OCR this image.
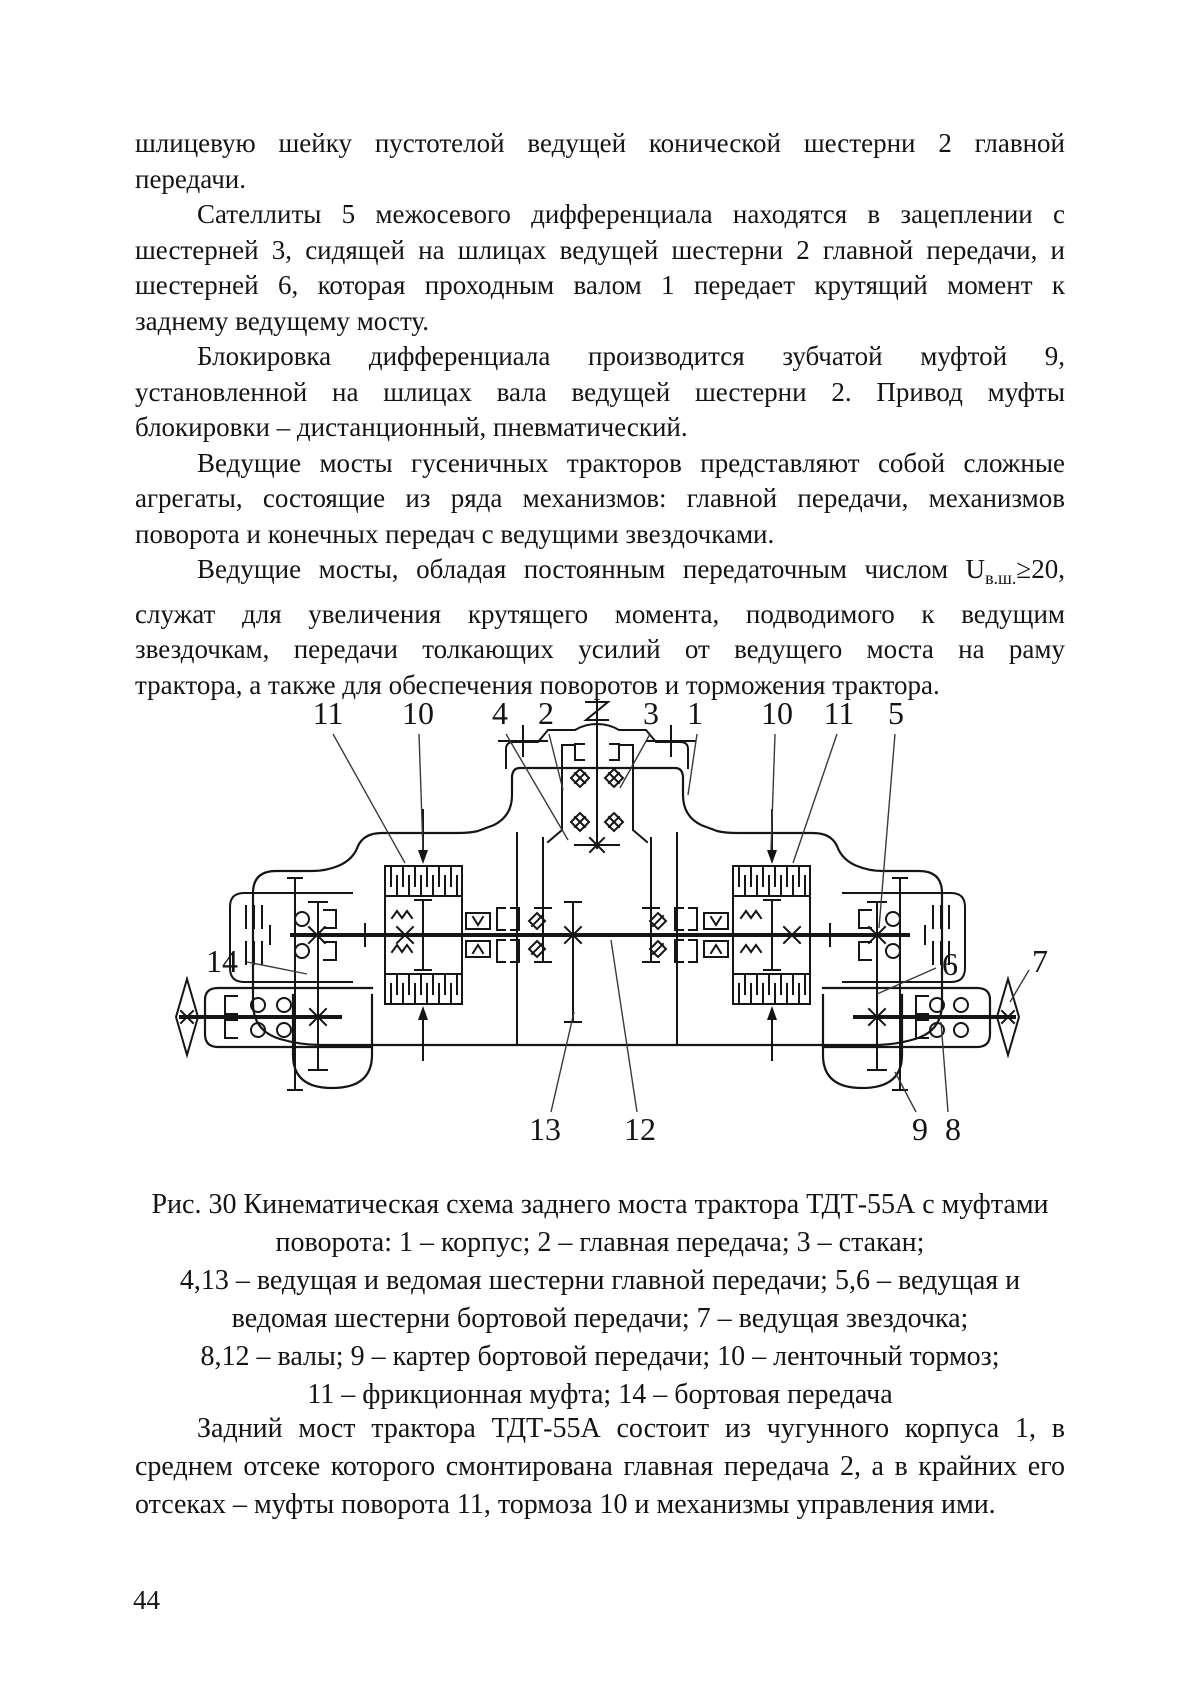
шлицевую шейку пустотелой ведущей конической шестерни 2 главной
передачи.
Сателлиты 5 межосевого дифференциала находятся в зацеплении с
шестерней 3, сидящей на шлицах ведущей шестерни 2 главной передачи, и
шестерней 6, которая проходным валом 1 передает крутящий момент к
заднему ведущему мосту.
Блокировка дифференциала производится зубчатой муфтой 9,
установленной на шлицах вала ведущей шестерни 2. Привод муфты
блокировки – дистанционный, пневматический.
Ведущие мосты гусеничных тракторов представляют собой сложные
агрегаты, состоящие из ряда механизмов: главной передачи, механизмов
поворота и конечных передач с ведущими звездочками.
Ведущие мосты, обладая постоянным передаточным числом $U_{в.ш.}\ge 20$,
служат для увеличения крутящего момента, подводимого к ведущим
звездочкам, передачи толкающих усилий от ведущего моста на раму
трактора, а также для обеспечения поворотов и торможения трактора.
11 10 4 2	3 1 10 11 5
14	6 7
13 12	9 8
Рис. 30 Кинематическая схема заднего моста трактора ТДТ-55А с муфтами
поворота: 1 – корпус; 2 – главная передача; 3 – стакан;
4,13 – ведущая и ведомая шестерни главной передачи; 5,6 – ведущая и
ведомая шестерни бортовой передачи; 7 – ведущая звездочка;
8,12 – валы; 9 – картер бортовой передачи; 10 – ленточный тормоз;
11 – фрикционная муфта; 14 – бортовая передача
Задний мост трактора ТДТ-55А состоит из чугунного корпуса 1, в
среднем отсеке которого смонтирована главная передача 2, а в крайних его
отсеках – муфты поворота 11, тормоза 10 и механизмы управления ими.
44
